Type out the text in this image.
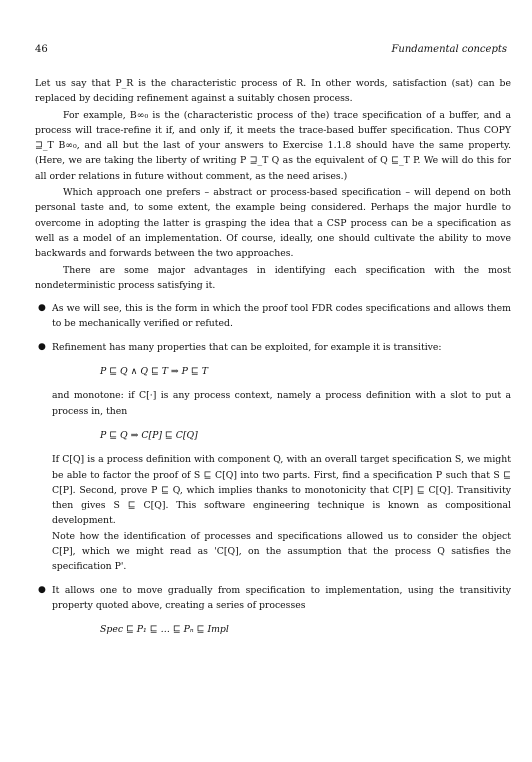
46	Fundamental concepts

Let us say that P_R is the characteristic process of R. In other words, satisfaction (sat) can be replaced by deciding refinement against a suitably chosen process.

For example, B∞₀ is the (characteristic process of the) trace specification of a buffer, and a process will trace-refine it if, and only if, it meets the trace-based buffer specification. Thus COPY ⊒_T B∞₀, and all but the last of your answers to Exercise 1.1.8 should have the same property. (Here, we are taking the liberty of writing P ⊒_T Q as the equivalent of Q ⊑_T P. We will do this for all order relations in future without comment, as the need arises.)

Which approach one prefers – abstract or process-based specification – will depend on both personal taste and, to some extent, the example being considered. Perhaps the major hurdle to overcome in adopting the latter is grasping the idea that a CSP process can be a specification as well as a model of an implementation. Of course, ideally, one should cultivate the ability to move backwards and forwards between the two approaches.

There are some major advantages in identifying each specification with the most nondeterministic process satisfying it.

● As we will see, this is the form in which the proof tool FDR codes specifications and allows them to be mechanically verified or refuted.
● Refinement has many properties that can be exploited, for example it is transitive:
P ⊑ Q ∧ Q ⊑ T ⇒ P ⊑ T
and monotone: if C[·] is any process context, namely a process definition with a slot to put a process in, then
P ⊑ Q ⇒ C[P] ⊑ C[Q]
If C[Q] is a process definition with component Q, with an overall target specification S, we might be able to factor the proof of S ⊑ C[Q] into two parts. First, find a specification P such that S ⊑ C[P]. Second, prove P ⊑ Q, which implies thanks to monotonicity that C[P] ⊑ C[Q]. Transitivity then gives S ⊑ C[Q]. This software engineering technique is known as compositional development.
Note how the identification of processes and specifications allowed us to consider the object C[P], which we might read as 'C[Q], on the assumption that the process Q satisfies the specification P'.
● It allows one to move gradually from specification to implementation, using the transitivity property quoted above, creating a series of processes
Spec ⊑ P₁ ⊑ … ⊑ Pₙ ⊑ Impl
